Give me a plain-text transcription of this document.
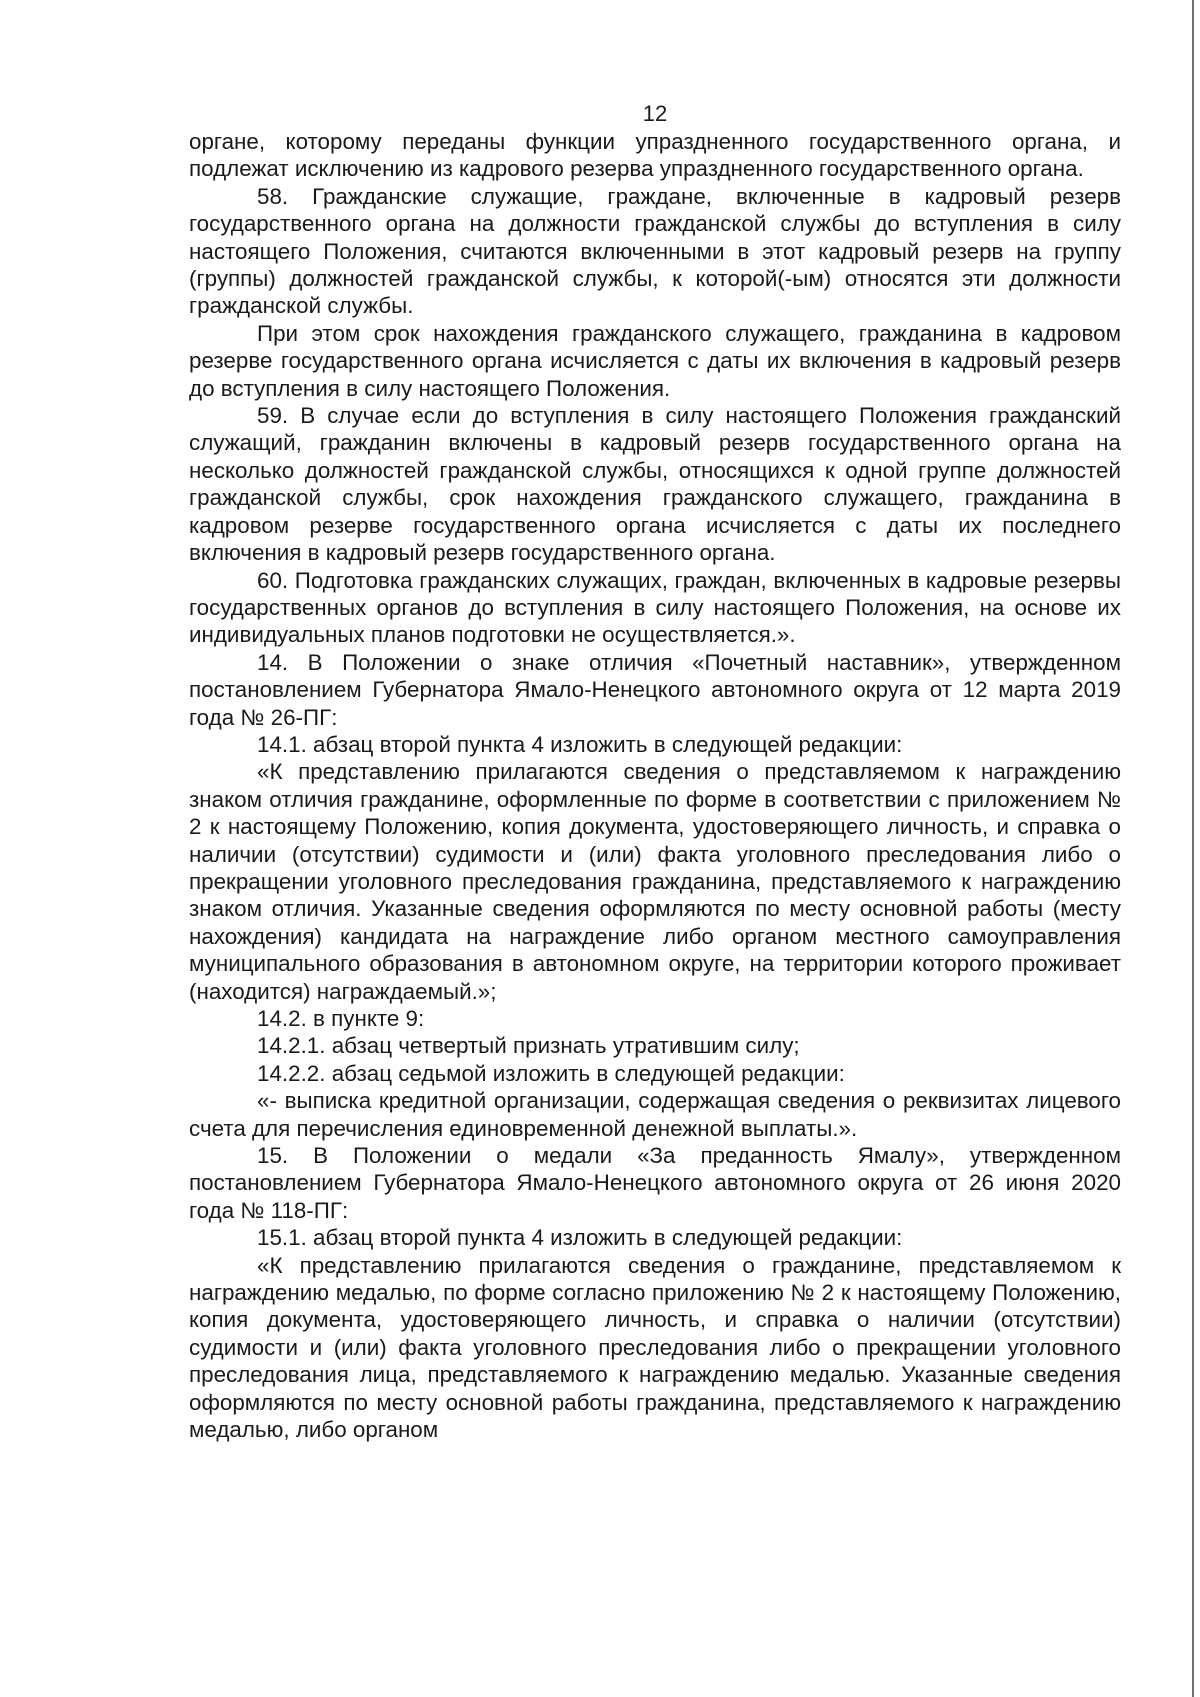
12

органе, которому переданы функции упраздненного государственного органа, и подлежат исключению из кадрового резерва упраздненного государственного органа.

58. Гражданские служащие, граждане, включенные в кадровый резерв государственного органа на должности гражданской службы до вступления в силу настоящего Положения, считаются включенными в этот кадровый резерв на группу (группы) должностей гражданской службы, к которой(-ым) относятся эти должности гражданской службы.

При этом срок нахождения гражданского служащего, гражданина в кадровом резерве государственного органа исчисляется с даты их включения в кадровый резерв до вступления в силу настоящего Положения.

59. В случае если до вступления в силу настоящего Положения гражданский служащий, гражданин включены в кадровый резерв государственного органа на несколько должностей гражданской службы, относящихся к одной группе должностей гражданской службы, срок нахождения гражданского служащего, гражданина в кадровом резерве государственного органа исчисляется с даты их последнего включения в кадровый резерв государственного органа.

60. Подготовка гражданских служащих, граждан, включенных в кадровые резервы государственных органов до вступления в силу настоящего Положения, на основе их индивидуальных планов подготовки не осуществляется.».

14. В Положении о знаке отличия «Почетный наставник», утвержденном постановлением Губернатора Ямало-Ненецкого автономного округа от 12 марта 2019 года № 26-ПГ:

14.1. абзац второй пункта 4 изложить в следующей редакции:

«К представлению прилагаются сведения о представляемом к награждению знаком отличия гражданине, оформленные по форме в соответствии с приложением № 2 к настоящему Положению, копия документа, удостоверяющего личность, и справка о наличии (отсутствии) судимости и (или) факта уголовного преследования либо о прекращении уголовного преследования гражданина, представляемого к награждению знаком отличия. Указанные сведения оформляются по месту основной работы (месту нахождения) кандидата на награждение либо органом местного самоуправления муниципального образования в автономном округе, на территории которого проживает (находится) награждаемый.»;

14.2. в пункте 9:

14.2.1. абзац четвертый признать утратившим силу;

14.2.2. абзац седьмой изложить в следующей редакции:

«- выписка кредитной организации, содержащая сведения о реквизитах лицевого счета для перечисления единовременной денежной выплаты.».

15. В Положении о медали «За преданность Ямалу», утвержденном постановлением Губернатора Ямало-Ненецкого автономного округа от 26 июня 2020 года № 118-ПГ:

15.1. абзац второй пункта 4 изложить в следующей редакции:

«К представлению прилагаются сведения о гражданине, представляемом к награждению медалью, по форме согласно приложению № 2 к настоящему Положению, копия документа, удостоверяющего личность, и справка о наличии (отсутствии) судимости и (или) факта уголовного преследования либо о прекращении уголовного преследования лица, представляемого к награждению медалью. Указанные сведения оформляются по месту основной работы гражданина, представляемого к награждению медалью, либо органом
